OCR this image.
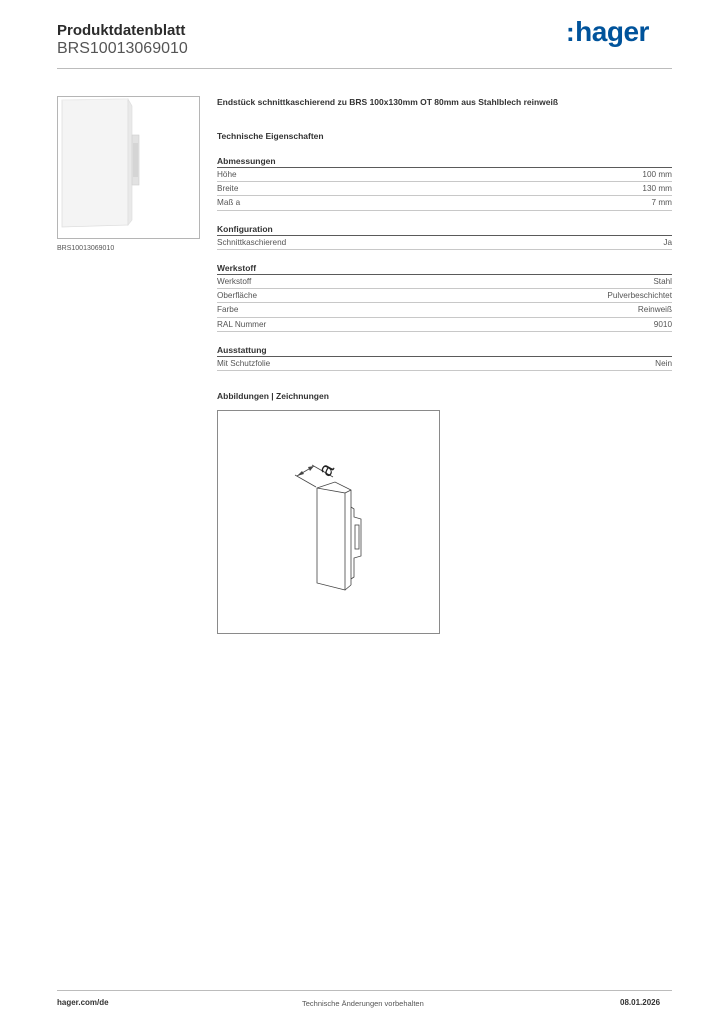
Produktdatenblatt
BRS10013069010
:hager
BRS10013069010
Endstück schnittkaschierend zu BRS 100x130mm OT 80mm aus Stahlblech reinweiß
Technische Eigenschaften
Abmessungen
Höhe	100 mm
Breite	130 mm
Maß a	7 mm
Konfiguration
Schnittkaschierend	Ja
Werkstoff
Werkstoff	Stahl
Oberfläche	Pulverbeschichtet
Farbe	Reinweiß
RAL Nummer	9010
Ausstattung
Mit Schutzfolie	Nein
Abbildungen | Zeichnungen
a
hager.com/de	Technische Änderungen vorbehalten	08.01.2026
